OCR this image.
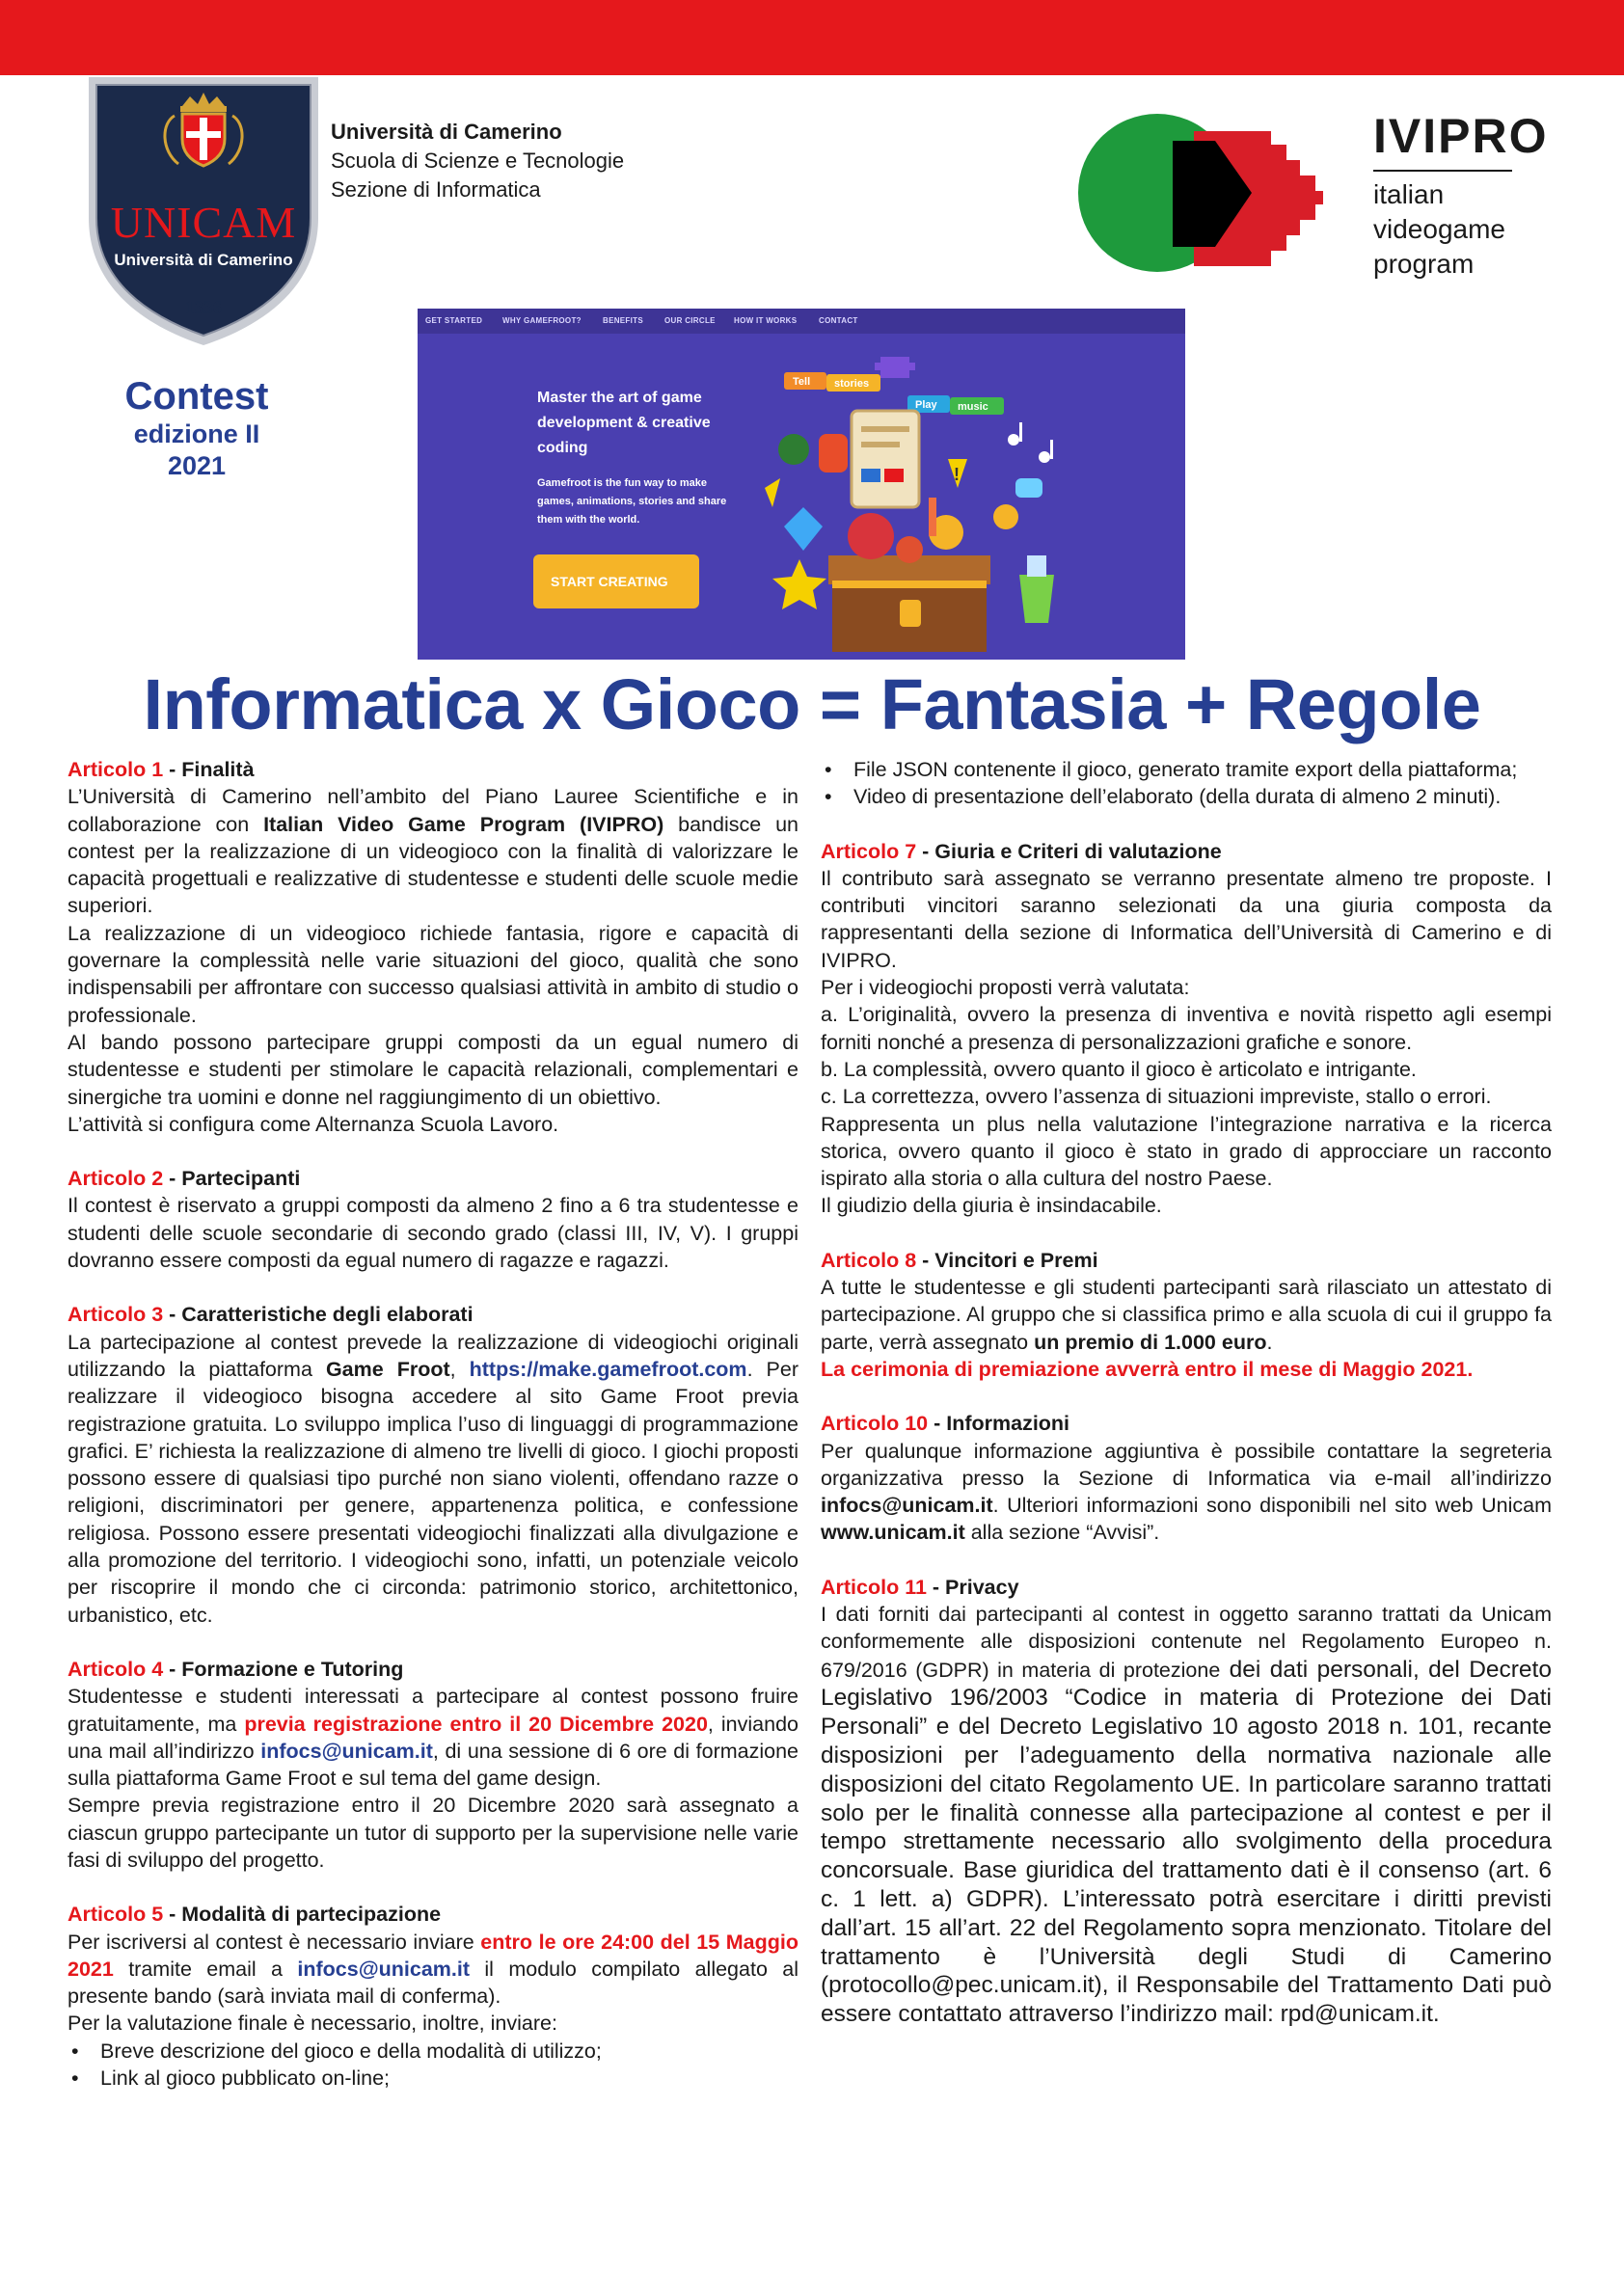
UNICAM
Università di Camerino
1336
Università di Camerino
Scuola di Scienze e Tecnologie
Sezione di Informatica
IVIPRO
italian
videogame
program
Contest
edizione II
2021
GET STARTED	WHY GAMEFROOT?	BENEFITS	OUR CIRCLE HOW IT WORKS	CONTACT
Master the art of game
development & creative
coding
Gamefroot is the fun way to make
games, animations, stories and share
them with the world.
START CREATING
Tell stories
Play music
!
Informatica x Gioco = Fantasia + Regole
Articolo 1 - Finalità

L’Università di Camerino nell’ambito del Piano Lauree Scientifiche e in collaborazione con Italian Video Game Program (IVIPRO) bandisce un contest per la realizzazione di un videogioco con la finalità di valorizzare le capacità progettuali e realizzative di studentesse e studenti delle scuole medie superiori.

La realizzazione di un videogioco richiede fantasia, rigore e capacità di governare la complessità nelle varie situazioni del gioco, qualità che sono indispensabili per affrontare con successo qualsiasi attività in ambito di studio o professionale.

Al bando possono partecipare gruppi composti da un egual numero di studentesse e studenti per stimolare le capacità relazionali, complementari e sinergiche tra uomini e donne nel raggiungimento di un obiettivo.

L’attività si configura come Alternanza Scuola Lavoro.

Articolo 2 - Partecipanti

Il contest è riservato a gruppi composti da almeno 2 fino a 6 tra studentesse e studenti delle scuole secondarie di secondo grado (classi III, IV, V). I gruppi dovranno essere composti da egual numero di ragazze e ragazzi.

Articolo 3 - Caratteristiche degli elaborati

La partecipazione al contest prevede la realizzazione di videogiochi originali utilizzando la piattaforma Game Froot, https://make.gamefroot.com. Per realizzare il videogioco bisogna accedere al sito Game Froot previa registrazione gratuita. Lo sviluppo implica l’uso di linguaggi di programmazione grafici. E’ richiesta la realizzazione di almeno tre livelli di gioco. I giochi proposti possono essere di qualsiasi tipo purché non siano violenti, offendano razze o religioni, discriminatori per genere, appartenenza politica, e confessione religiosa. Possono essere presentati videogiochi finalizzati alla divulgazione e alla promozione del territorio. I videogiochi sono, infatti, un potenziale veicolo per riscoprire il mondo che ci circonda: patrimonio storico, architettonico, urbanistico, etc.

Articolo 4 - Formazione e Tutoring

Studentesse e studenti interessati a partecipare al contest possono fruire gratuitamente, ma previa registrazione entro il 20 Dicembre 2020, inviando una mail all’indirizzo infocs@unicam.it, di una sessione di 6 ore di formazione sulla piattaforma Game Froot e sul tema del game design.

Sempre previa registrazione entro il 20 Dicembre 2020 sarà assegnato a ciascun gruppo partecipante un tutor di supporto per la supervisione nelle varie fasi di sviluppo del progetto.

Articolo 5 - Modalità di partecipazione

Per iscriversi al contest è necessario inviare entro le ore 24:00 del 15 Maggio 2021 tramite email a infocs@unicam.it il modulo compilato allegato al presente bando (sarà inviata mail di conferma).

Per la valutazione finale è necessario, inoltre, inviare:

• Breve descrizione del gioco e della modalità di utilizzo;
• Link al gioco pubblicato on-line;
• File JSON contenente il gioco, generato tramite export della piattaforma;
• Video di presentazione dell’elaborato (della durata di almeno 2 minuti).
Articolo 7 - Giuria e Criteri di valutazione

Il contributo sarà assegnato se verranno presentate almeno tre proposte. I contributi vincitori saranno selezionati da una giuria composta da rappresentanti della sezione di Informatica dell’Università di Camerino e di IVIPRO.

Per i videogiochi proposti verrà valutata:

a. L’originalità, ovvero la presenza di inventiva e novità rispetto agli esempi forniti nonché a presenza di personalizzazioni grafiche e sonore.

b. La complessità, ovvero quanto il gioco è articolato e intrigante.

c. La correttezza, ovvero l’assenza di situazioni impreviste, stallo o errori.

Rappresenta un plus nella valutazione l’integrazione narrativa e la ricerca storica, ovvero quanto il gioco è stato in grado di approcciare un racconto ispirato alla storia o alla cultura del nostro Paese.

Il giudizio della giuria è insindacabile.

Articolo 8 - Vincitori e Premi

A tutte le studentesse e gli studenti partecipanti sarà rilasciato un attestato di partecipazione. Al gruppo che si classifica primo e alla scuola di cui il gruppo fa parte, verrà assegnato un premio di 1.000 euro.

La cerimonia di premiazione avverrà entro il mese di Maggio 2021.

Articolo 10 - Informazioni

Per qualunque informazione aggiuntiva è possibile contattare la segreteria organizzativa presso la Sezione di Informatica via e-mail all’indirizzo infocs@unicam.it. Ulteriori informazioni sono disponibili nel sito web Unicam www.unicam.it alla sezione “Avvisi”.

Articolo 11 - Privacy

I dati forniti dai partecipanti al contest in oggetto saranno trattati da Unicam conformemente alle disposizioni contenute nel Regolamento Europeo n. 679/2016 (GDPR) in materia di protezione dei dati personali, del Decreto Legislativo 196/2003 “Codice in materia di Protezione dei Dati Personali” e del Decreto Legislativo 10 agosto 2018 n. 101, recante disposizioni per l’adeguamento della normativa nazionale alle disposizioni del citato Regolamento UE. In particolare saranno trattati solo per le finalità connesse alla partecipazione al contest e per il tempo strettamente necessario allo svolgimento della procedura concorsuale. Base giuridica del trattamento dati è il consenso (art. 6 c. 1 lett. a) GDPR). L’interessato potrà esercitare i diritti previsti dall’art. 15 all’art. 22 del Regolamento sopra menzionato. Titolare del trattamento è l’Università degli Studi di Camerino (protocollo@pec.unicam.it), il Responsabile del Trattamento Dati può essere contattato attraverso l’indirizzo mail: rpd@unicam.it.
